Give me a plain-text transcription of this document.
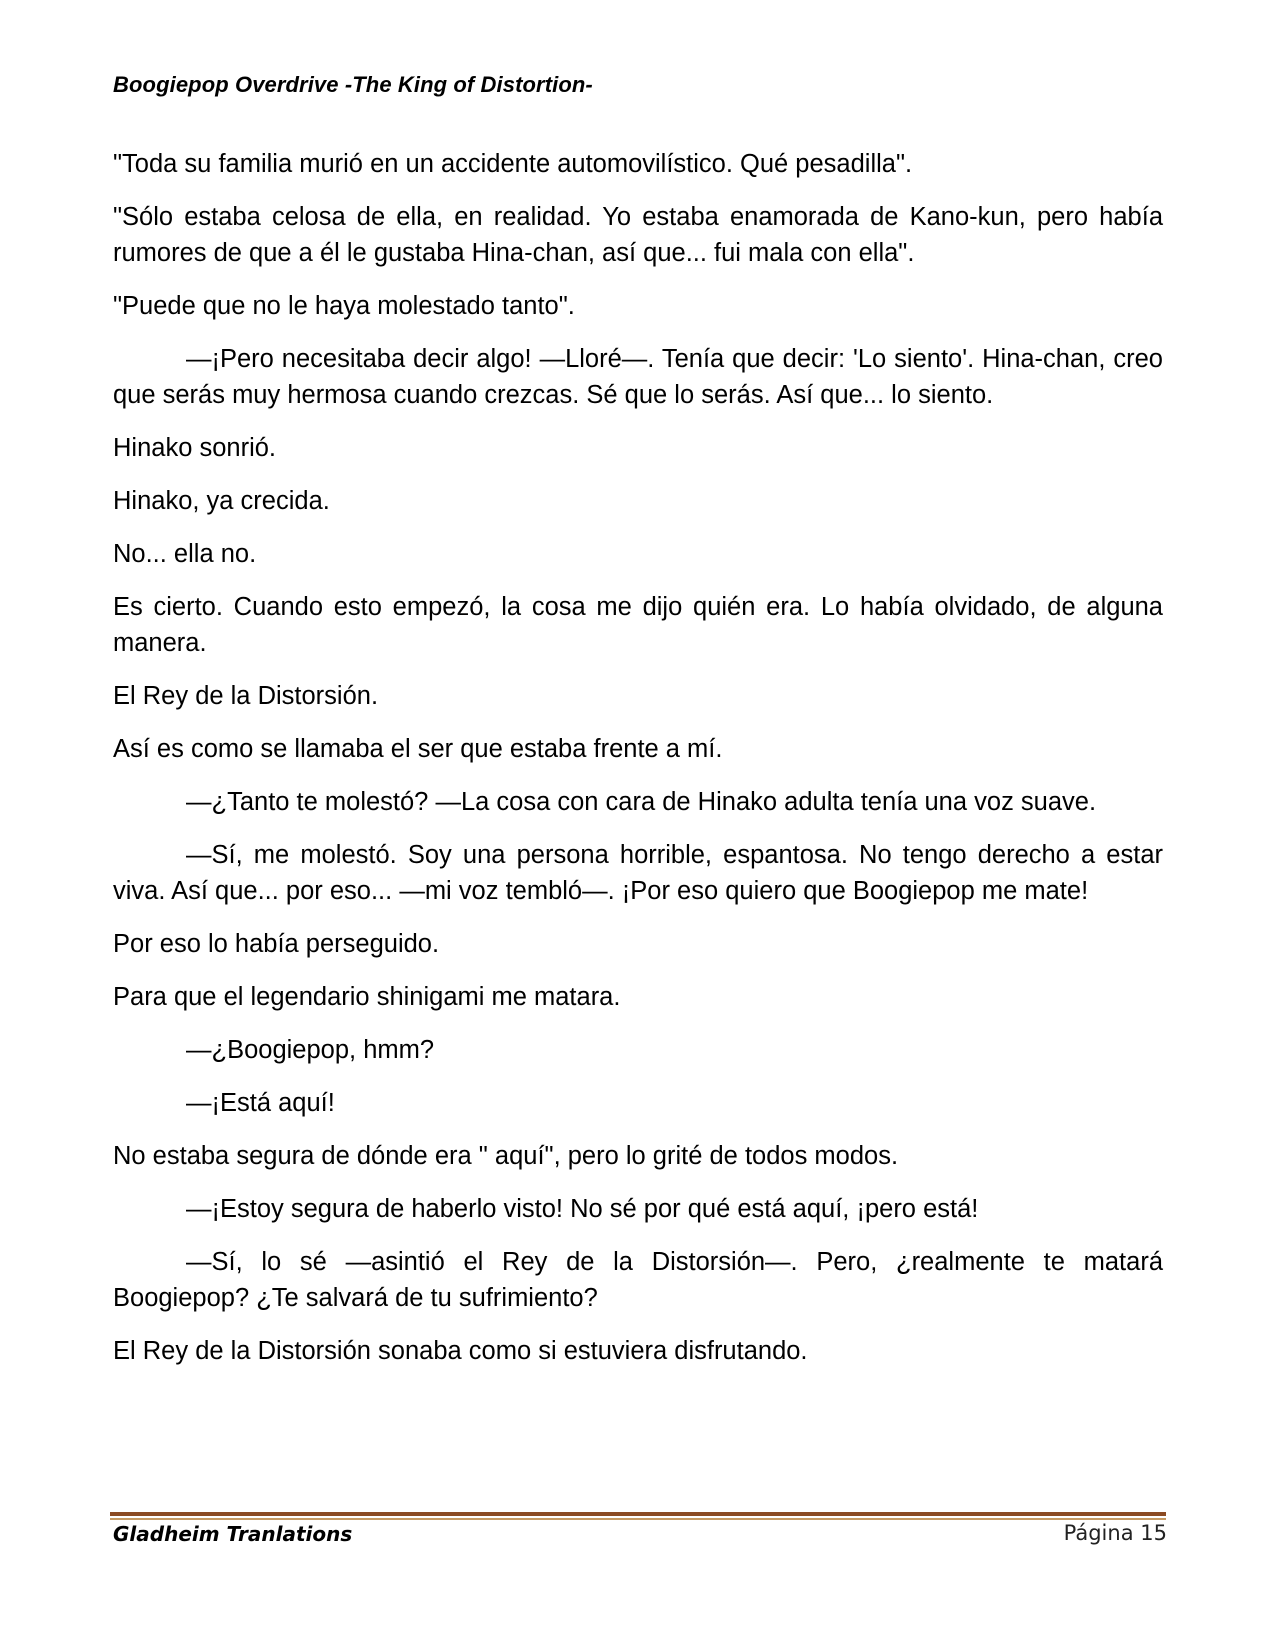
Boogiepop Overdrive -The King of Distortion-

"Toda su familia murió en un accidente automovilístico. Qué pesadilla".

"Sólo estaba celosa de ella, en realidad. Yo estaba enamorada de Kano-kun, pero había rumores de que a él le gustaba Hina-chan, así que... fui mala con ella".

"Puede que no le haya molestado tanto".

—¡Pero necesitaba decir algo! —Lloré—. Tenía que decir: 'Lo siento'. Hina-chan, creo que serás muy hermosa cuando crezcas. Sé que lo serás. Así que... lo siento.

Hinako sonrió.

Hinako, ya crecida.

No... ella no.

Es cierto. Cuando esto empezó, la cosa me dijo quién era. Lo había olvidado, de alguna manera.

El Rey de la Distorsión.

Así es como se llamaba el ser que estaba frente a mí.

—¿Tanto te molestó? —La cosa con cara de Hinako adulta tenía una voz suave.

—Sí, me molestó. Soy una persona horrible, espantosa. No tengo derecho a estar viva. Así que... por eso... —mi voz tembló—. ¡Por eso quiero que Boogiepop me mate!

Por eso lo había perseguido.

Para que el legendario shinigami me matara.

—¿Boogiepop, hmm?

—¡Está aquí!

No estaba segura de dónde era " aquí", pero lo grité de todos modos.

—¡Estoy segura de haberlo visto! No sé por qué está aquí, ¡pero está!

—Sí, lo sé —asintió el Rey de la Distorsión—. Pero, ¿realmente te matará Boogiepop? ¿Te salvará de tu sufrimiento?

El Rey de la Distorsión sonaba como si estuviera disfrutando.

Gladheim Tranlations	Página 15
